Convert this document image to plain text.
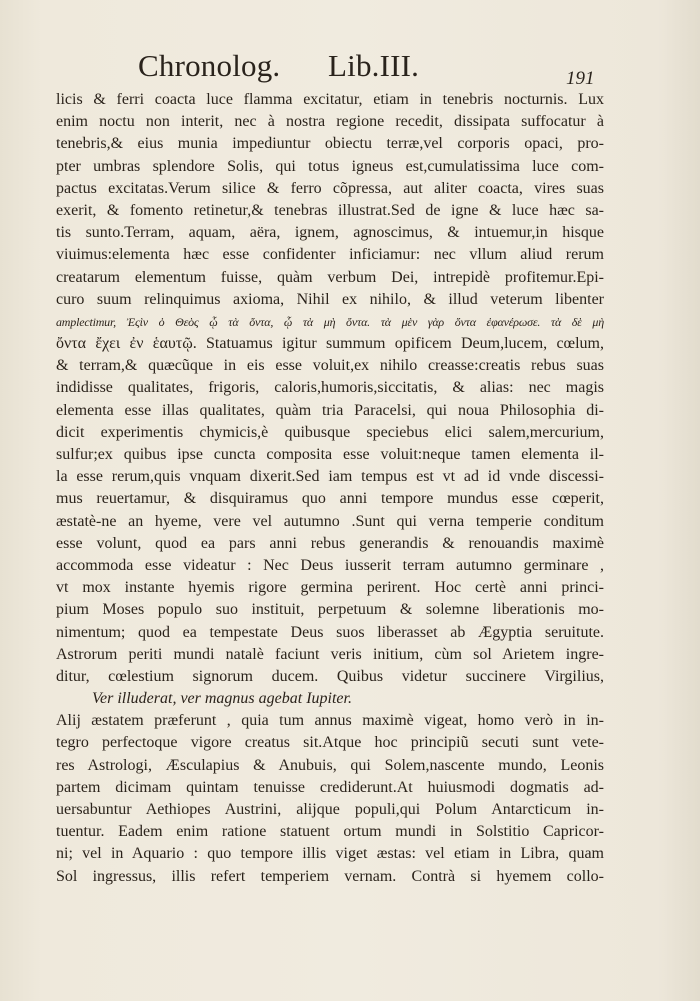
Chronolog. Lib.III.	191
licis & ferri coacta luce flamma excitatur, etiam in tenebris nocturnis. Lux
enim noctu non interit, nec à nostra regione recedit, dissipata suffocatur à
tenebris,& eius munia impediuntur obiectu terræ,vel corporis opaci, pro-
pter umbras splendore Solis, qui totus igneus est,cumulatissima luce com-
pactus excitatas.Verum silice & ferro cõpressa, aut aliter coacta, vires suas
exerit, & fomento retinetur,& tenebras illustrat.Sed de igne & luce hæc sa-
tis sunto.Terram, aquam, aëra, ignem, agnoscimus, & intuemur,in hisque
viuimus:elementa hæc esse confidenter inficiamur: nec vllum aliud rerum
creatarum elementum fuisse, quàm verbum Dei, intrepidè profitemur.Epi-
curo suum relinquimus axioma, Nihil ex nihilo, & illud veterum libenter
amplectimur, Ἐςὶν ὁ Θεὸς ᾧ τὰ ὄντα, ᾧ τὰ μὴ ὄντα. τὰ μὲν γὰρ ὄντα ἐφανέρωσε. τὰ δὲ μὴ
ὄντα ἔχει ἐν ἑαυτῷ. Statuamus igitur summum opificem Deum,lucem, cœlum,
& terram,& quæcũque in eis esse voluit,ex nihilo creasse:creatis rebus suas
indidisse qualitates, frigoris, caloris,humoris,siccitatis, & alias: nec magis
elementa esse illas qualitates, quàm tria Paracelsi, qui noua Philosophia di-
dicit experimentis chymicis,è quibusque speciebus elici salem,mercurium,
sulfur;ex quibus ipse cuncta composita esse voluit:neque tamen elementa il-
la esse rerum,quis vnquam dixerit.Sed iam tempus est vt ad id vnde discessi-
mus reuertamur, & disquiramus quo anni tempore mundus esse cœperit,
æstatè-ne an hyeme, vere vel autumno .Sunt qui verna temperie conditum
esse volunt, quod ea pars anni rebus generandis & renouandis maximè
accommoda esse videatur : Nec Deus iusserit terram autumno germinare ,
vt mox instante hyemis rigore germina perirent. Hoc certè anni princi-
pium Moses populo suo instituit, perpetuum & solemne liberationis mo-
nimentum; quod ea tempestate Deus suos liberasset ab Ægyptia seruitute.
Astrorum periti mundi natalè faciunt veris initium, cùm sol Arietem ingre-
ditur, cœlestium signorum ducem. Quibus videtur succinere Virgilius,
Ver illuderat, ver magnus agebat Iupiter.
Alij æstatem præferunt , quia tum annus maximè vigeat, homo verò in in-
tegro perfectoque vigore creatus sit.Atque hoc principiũ secuti sunt vete-
res Astrologi, Æsculapius & Anubuis, qui Solem,nascente mundo, Leonis
partem dicimam quintam tenuisse crediderunt.At huiusmodi dogmatis ad-
uersabuntur Aethiopes Austrini, alijque populi,qui Polum Antarcticum in-
tuentur. Eadem enim ratione statuent ortum mundi in Solstitio Capricor-
ni; vel in Aquario : quo tempore illis viget æstas: vel etiam in Libra, quam
Sol ingressus, illis refert temperiem vernam. Contrà si hyemem collo-
